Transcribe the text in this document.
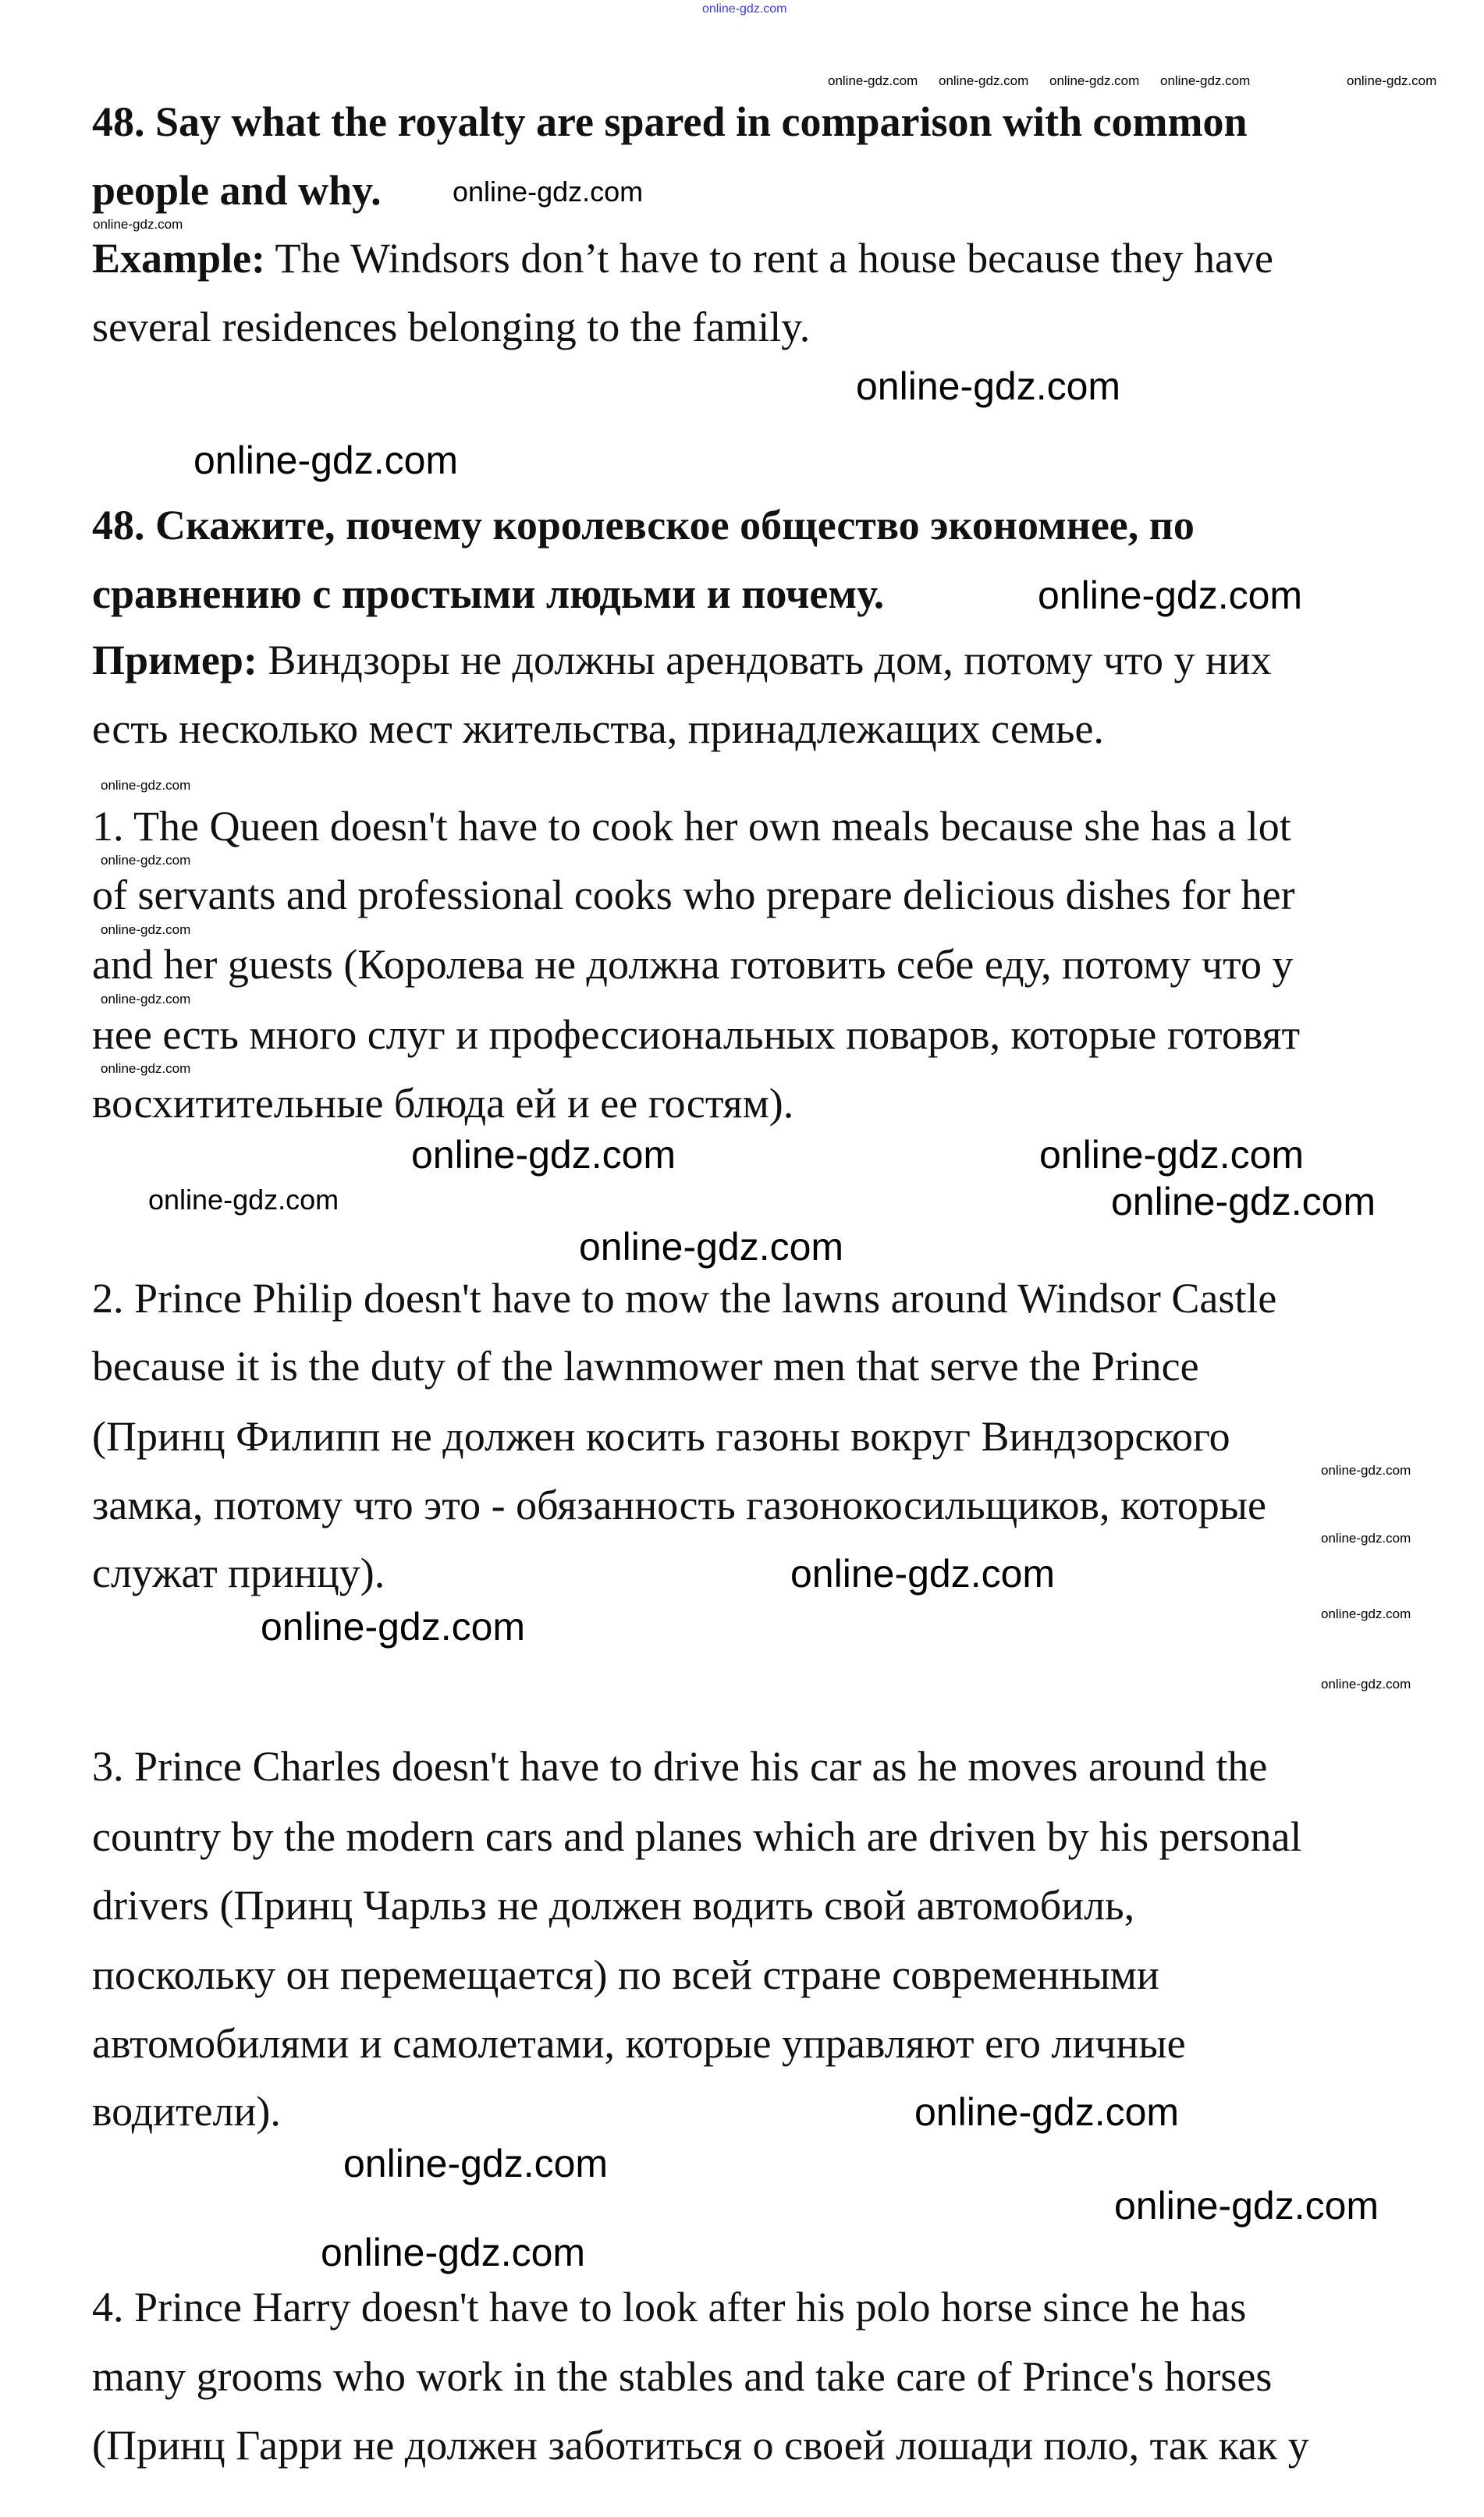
48. Say what the royalty are spared in comparison with common
people and why.
Example: The Windsors don’t have to rent a house because they have
several residences belonging to the family.
48. Скажите, почему королевское общество экономнее, по
сравнению с простыми людьми и почему.
Пример: Виндзоры не должны арендовать дом, потому что у них
есть несколько мест жительства, принадлежащих семье.
1. The Queen doesn't have to cook her own meals because she has a lot
of servants and professional cooks who prepare delicious dishes for her
and her guests (Королева не должна готовить себе еду, потому что у
нее есть много слуг и профессиональных поваров, которые готовят
восхитительные блюда ей и ее гостям).
2. Prince Philip doesn't have to mow the lawns around Windsor Castle
because it is the duty of the lawnmower men that serve the Prince
(Принц Филипп не должен косить газоны вокруг Виндзорского
замка, потому что это - обязанность газонокосильщиков, которые
служат принцу).
3. Prince Charles doesn't have to drive his car as he moves around the
country by the modern cars and planes which are driven by his personal
drivers (Принц Чарльз не должен водить свой автомобиль,
поскольку он перемещается) по всей стране современными
автомобилями и самолетами, которые управляют его личные
водители).
4. Prince Harry doesn't have to look after his polo horse since he has
many grooms who work in the stables and take care of Prince's horses
(Принц Гарри не должен заботиться о своей лошади поло, так как у
online-gdz.com
online-gdz.com online-gdz.com online-gdz.com online-gdz.com	online-gdz.com
online-gdz.com
online-gdz.com
online-gdz.com
online-gdz.com
online-gdz.com
online-gdz.com
online-gdz.com
online-gdz.com
online-gdz.com
online-gdz.com
online-gdz.com	online-gdz.com
online-gdz.com
online-gdz.com
online-gdz.com
online-gdz.com
online-gdz.com
online-gdz.com
online-gdz.com
online-gdz.com
online-gdz.com
online-gdz.com
online-gdz.com
online-gdz.com
online-gdz.com
